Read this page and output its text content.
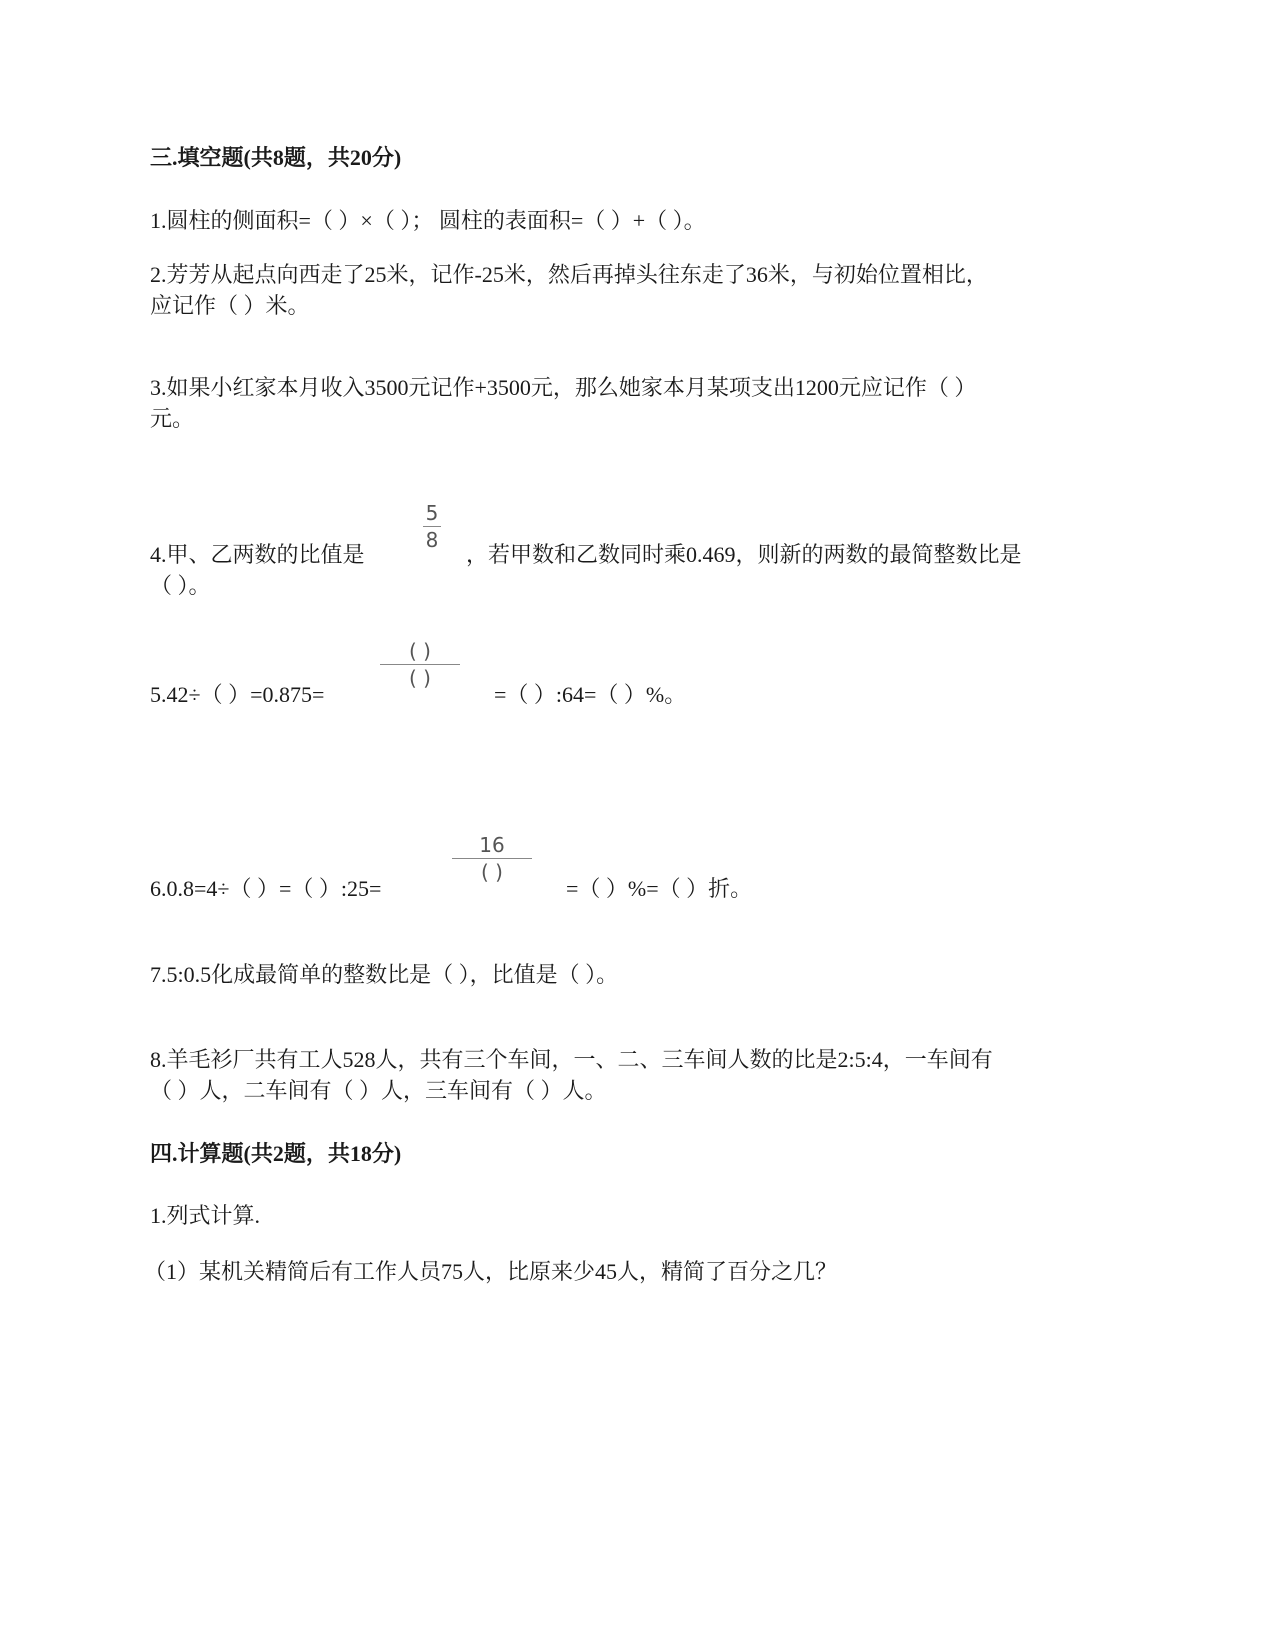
三.填空题(共8题，共20分)
1.圆柱的侧面积=（ ）×（ ）； 圆柱的表面积=（ ）+（ ）。
2.芳芳从起点向西走了25米，记作-25米，然后再掉头往东走了36米，与初始位置相比，
应记作（ ）米。
3.如果小红家本月收入3500元记作+3500元，那么她家本月某项支出1200元应记作（ ）
元。
4.甲、乙两数的比值是
5
8
，若甲数和乙数同时乘0.469，则新的两数的最简整数比是
（ ）。
5.42÷（ ）=0.875=
( )
( )
=（ ）:64=（ ）%。
6.0.8=4÷（ ）=（ ）:25=
16
( )
=（ ）%=（ ）折。
7.5:0.5化成最简单的整数比是（ ），比值是（ ）。
8.羊毛衫厂共有工人528人，共有三个车间，一、二、三车间人数的比是2:5:4，一车间有
（ ）人，二车间有（ ）人，三车间有（ ）人。
四.计算题(共2题，共18分)
1.列式计算.
（1）某机关精简后有工作人员75人，比原来少45人，精简了百分之几？
